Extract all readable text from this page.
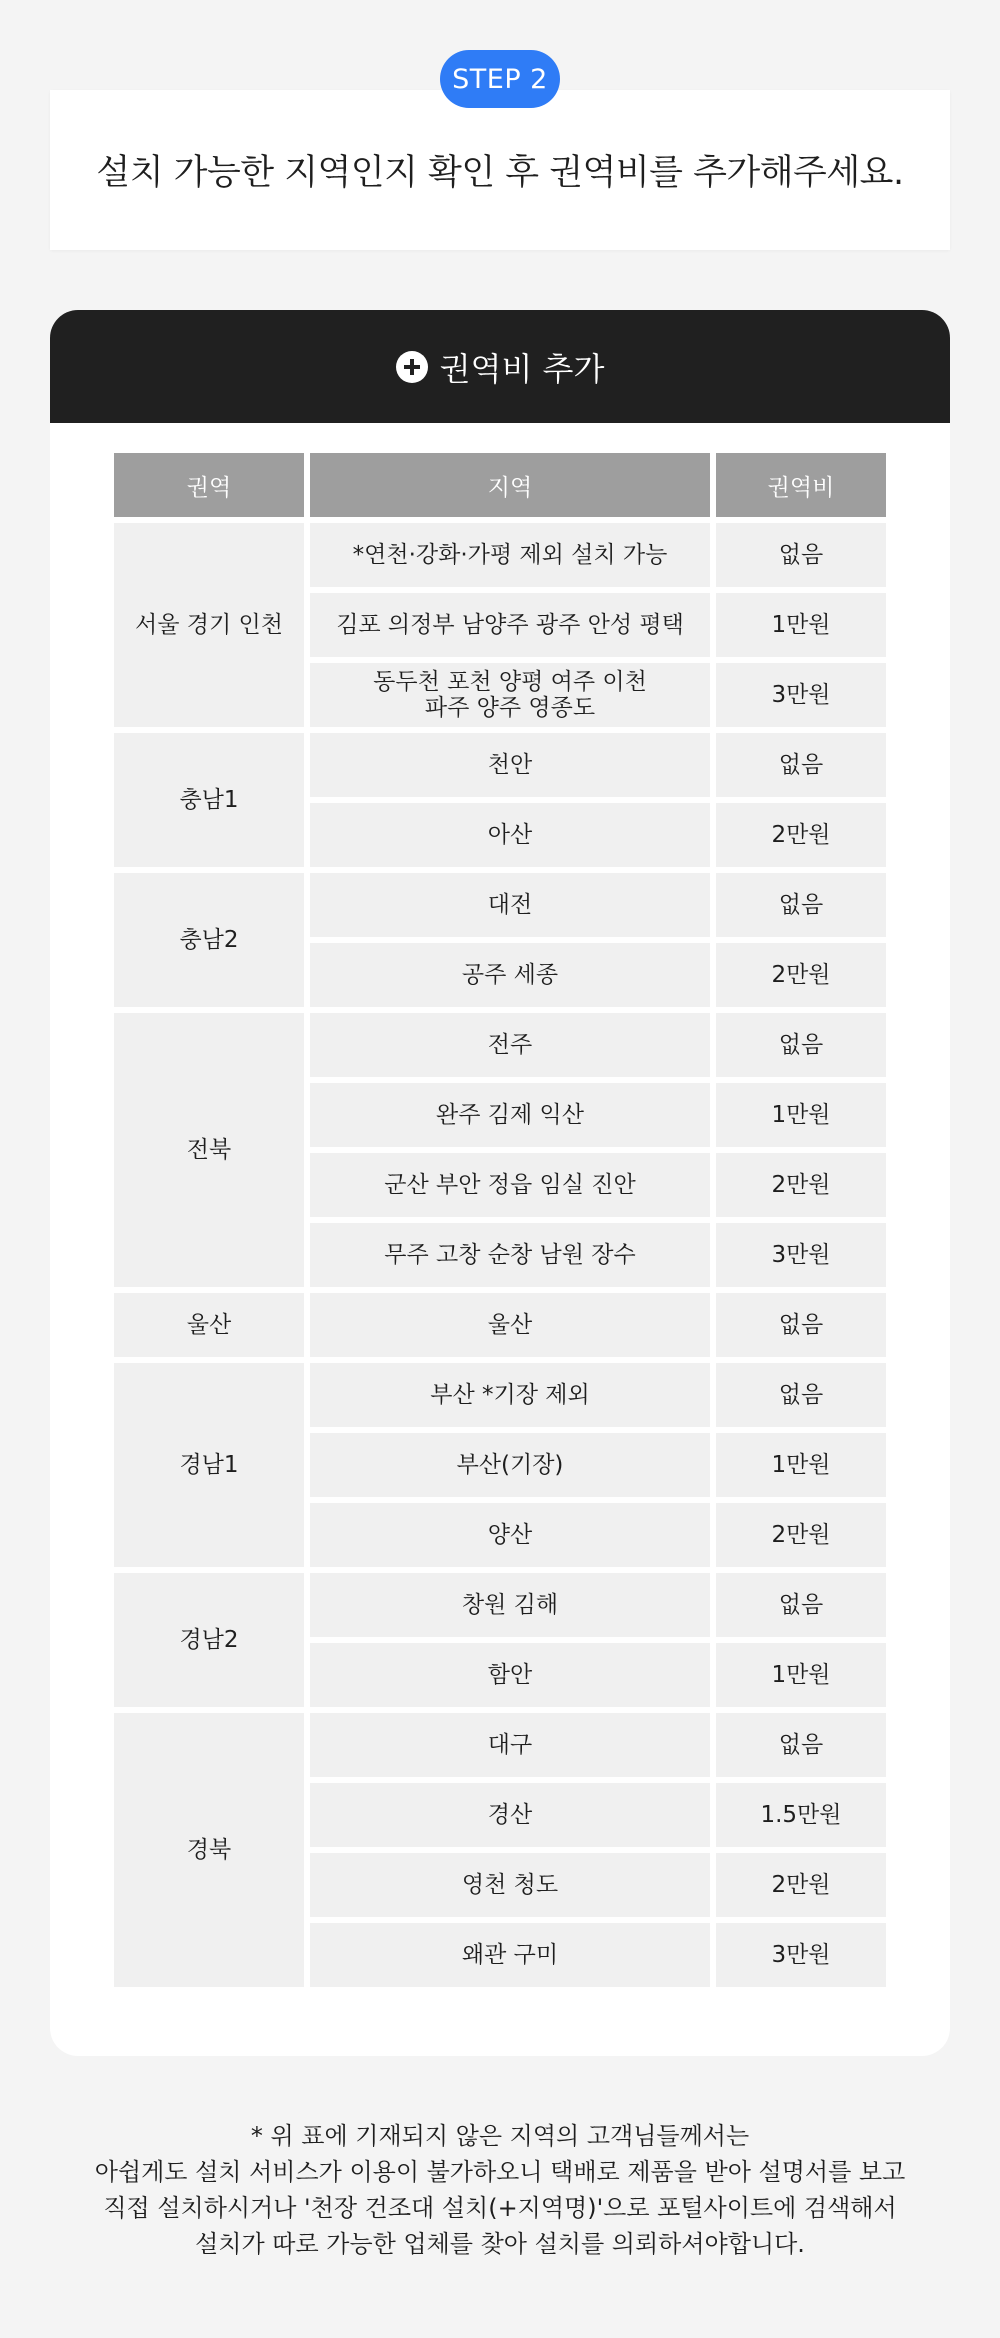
설치 가능한 지역인지 확인 후 권역비를 추가해주세요.
STEP 2
권역비 추가
권역	지역	권역비
서울 경기 인천	*연천·강화·가평 제외 설치 가능	없음
	김포 의정부 남양주 광주 안성 평택	1만원
	동두천 포천 양평 여주 이천
파주 양주 영종도	3만원
충남1	천안	없음
	아산	2만원
충남2	대전	없음
	공주 세종	2만원
전북	전주	없음
	완주 김제 익산	1만원
	군산 부안 정읍 임실 진안	2만원
	무주 고창 순창 남원 장수	3만원
울산	울산	없음
경남1	부산 *기장 제외	없음
	부산(기장)	1만원
	양산	2만원
경남2	창원 김해	없음
	함안	1만원
경북	대구	없음
	경산	1.5만원
	영천 청도	2만원
	왜관 구미	3만원
* 위 표에 기재되지 않은 지역의 고객님들께서는
아쉽게도 설치 서비스가 이용이 불가하오니 택배로 제품을 받아 설명서를 보고
직접 설치하시거나 '천장 건조대 설치(+지역명)'으로 포털사이트에 검색해서
설치가 따로 가능한 업체를 찾아 설치를 의뢰하셔야합니다.
